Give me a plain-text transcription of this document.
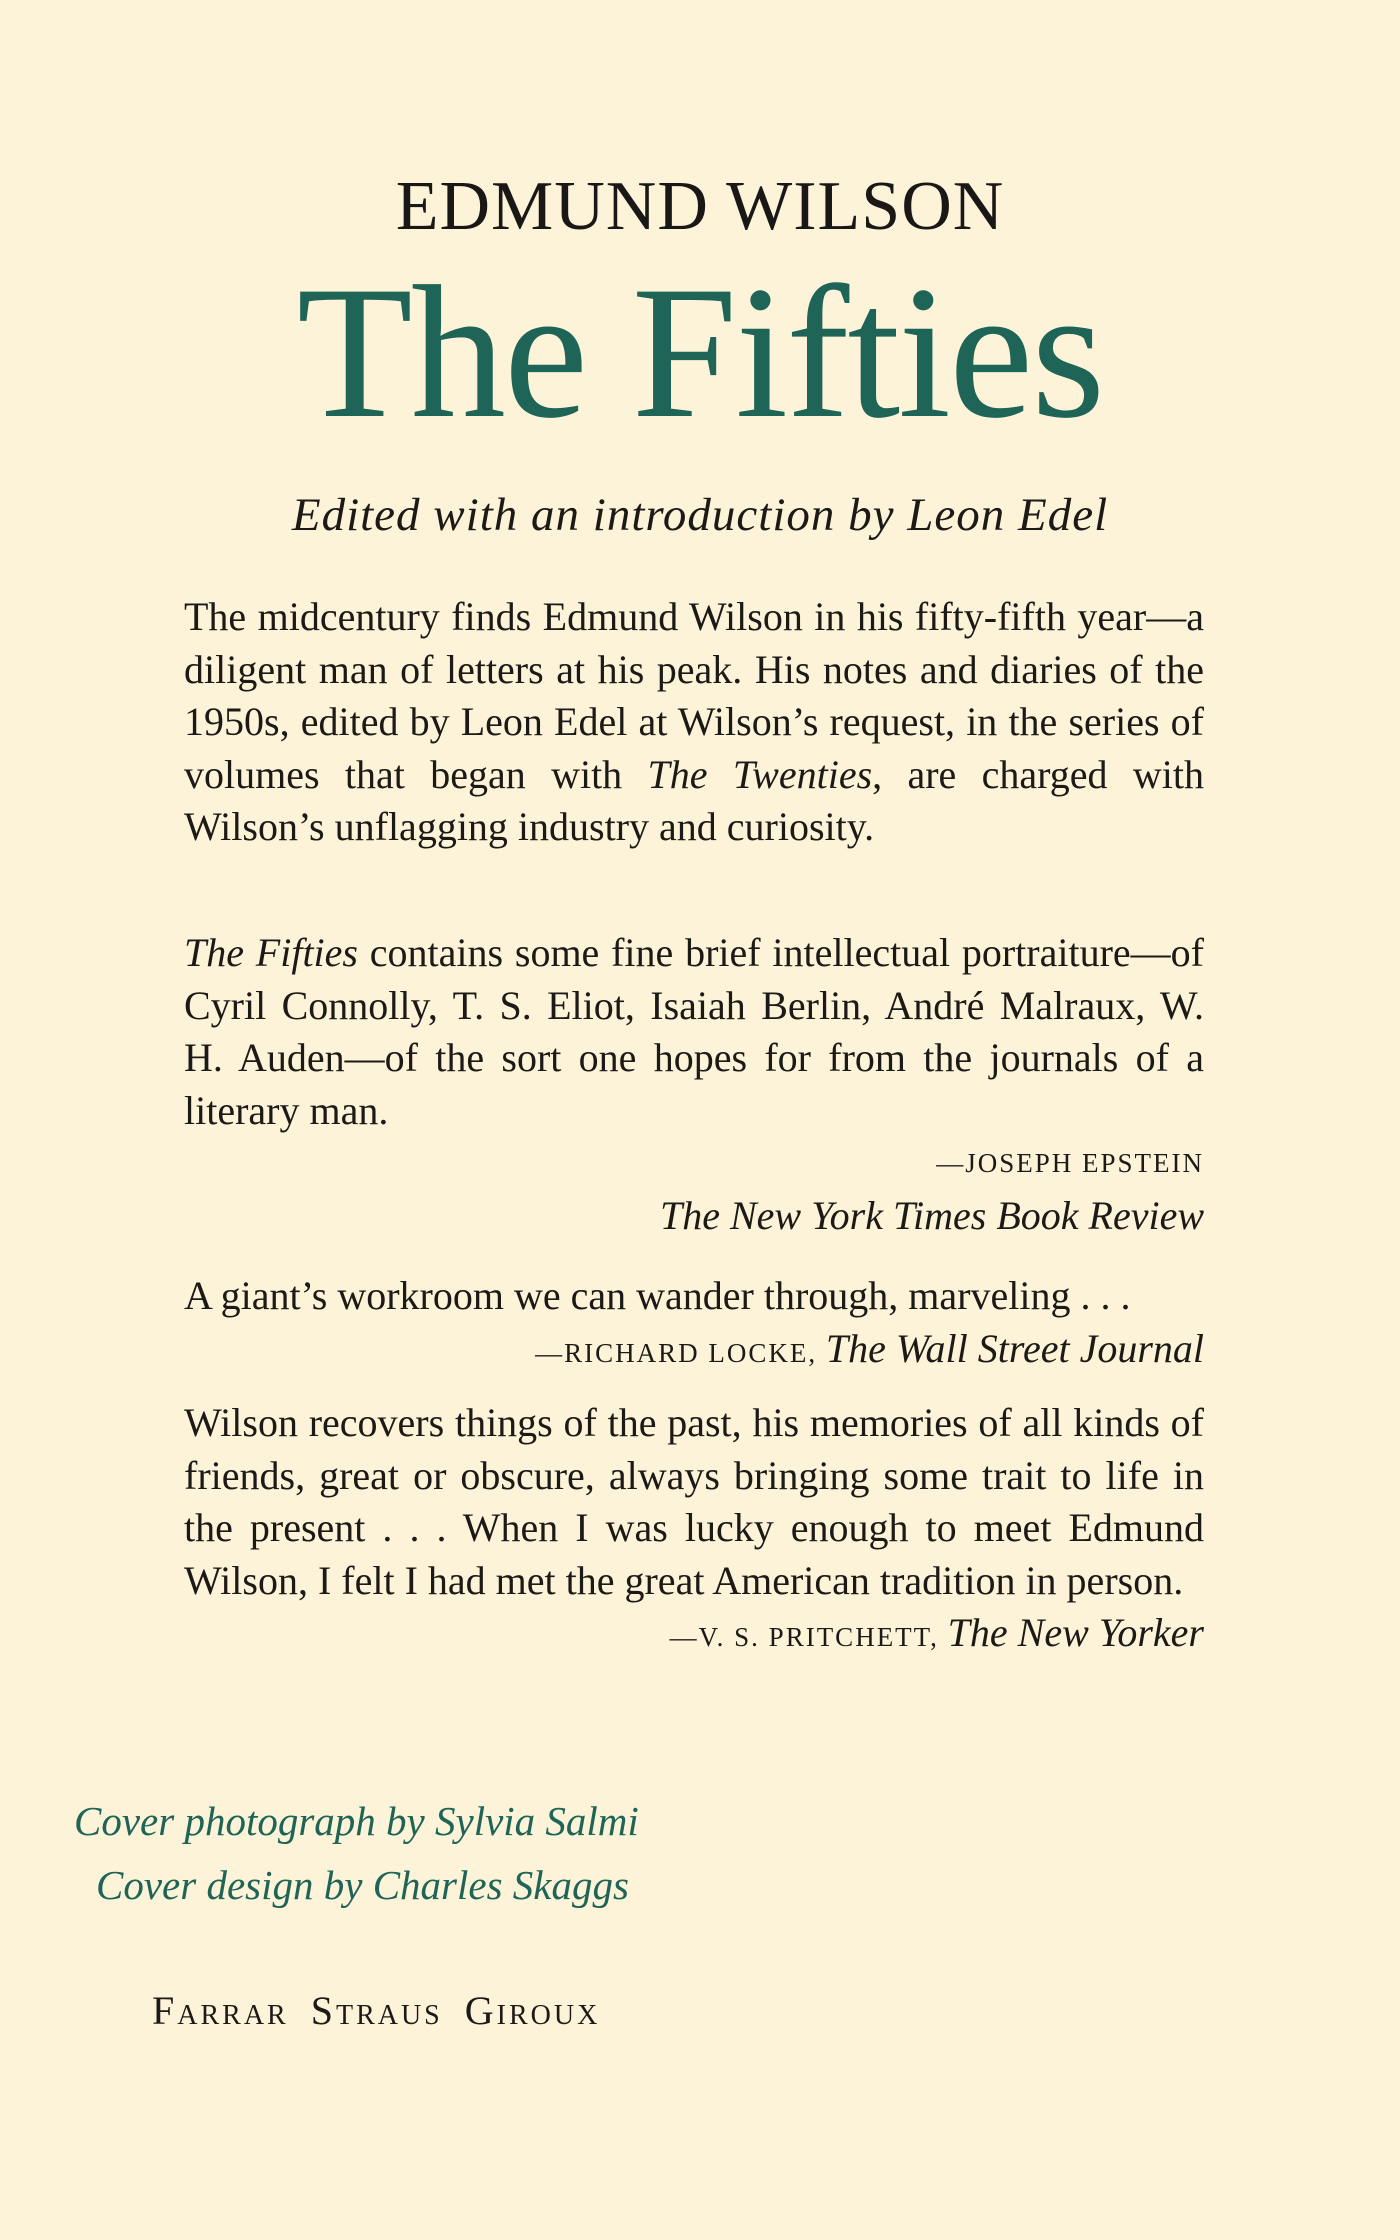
EDMUND WILSON
The Fifties
Edited with an introduction by Leon Edel
The midcentury finds Edmund Wilson in his fifty-fifth year—a diligent man of letters at his peak. His notes and diaries of the 1950s, edited by Leon Edel at Wilson’s request, in the series of volumes that began with The Twenties, are charged with Wilson’s unflagging industry and curiosity.
The Fifties contains some fine brief intellectual portraiture—of Cyril Connolly, T. S. Eliot, Isaiah Berlin, André Malraux, W. H. Auden—of the sort one hopes for from the journals of a literary man.
—JOSEPH EPSTEIN
The New York Times Book Review
A giant’s workroom we can wander through, marveling . . .
—RICHARD LOCKE, The Wall Street Journal
Wilson recovers things of the past, his memories of all kinds of friends, great or obscure, always bringing some trait to life in the present . . . When I was lucky enough to meet Edmund Wilson, I felt I had met the great American tradition in person.
—V. S. PRITCHETT, The New Yorker
Cover photograph by Sylvia Salmi
Cover design by Charles Skaggs
Farrar Straus Giroux
